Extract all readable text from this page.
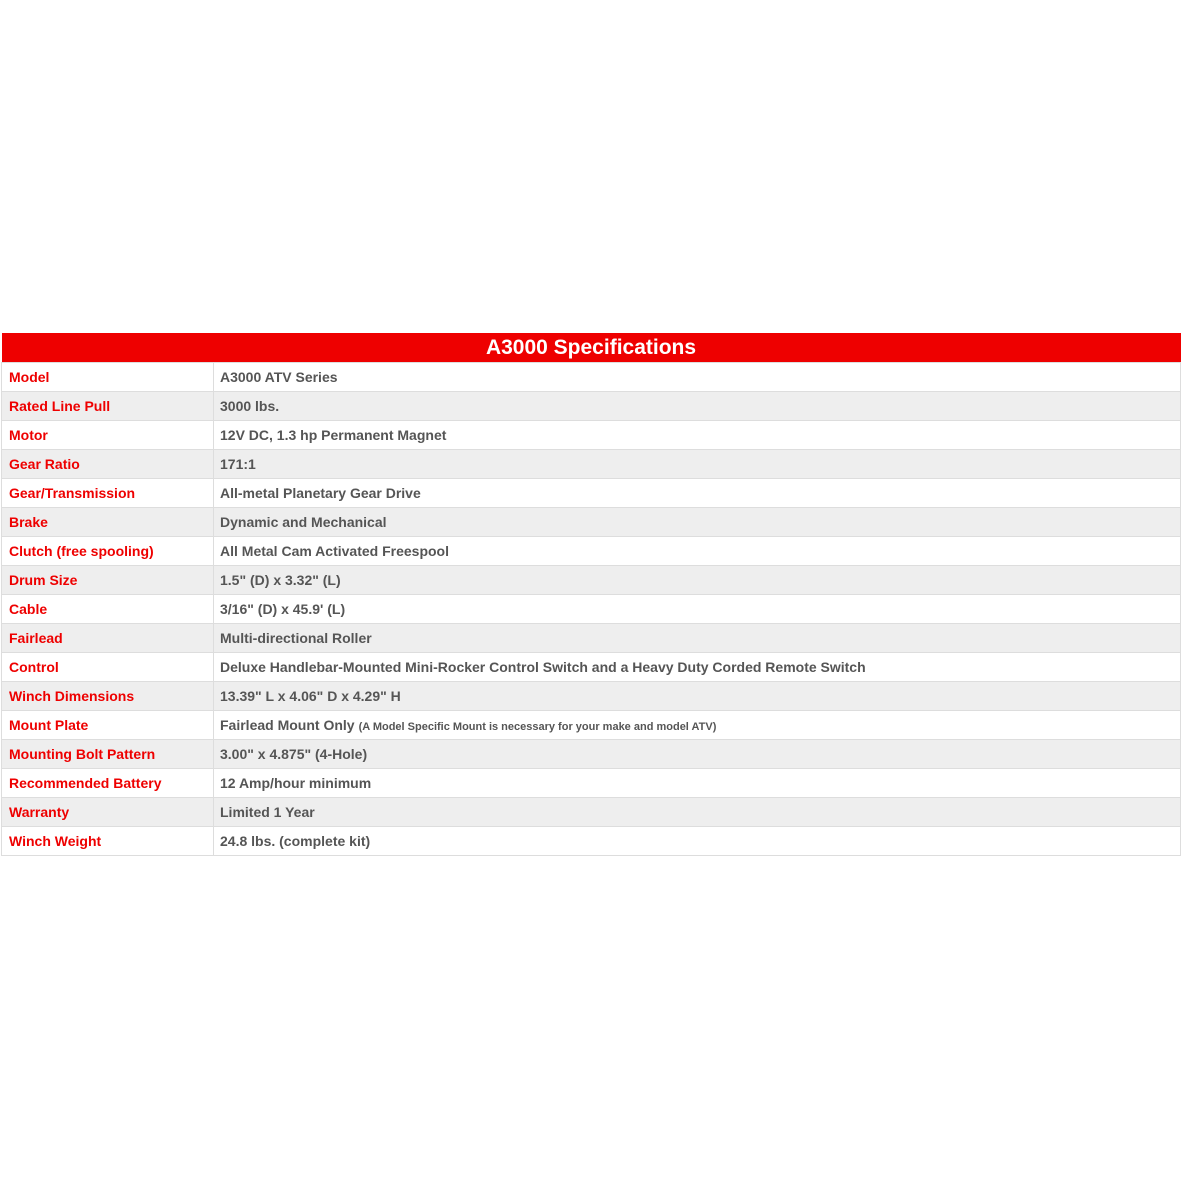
A3000 Specifications	
Model	A3000 ATV Series
Rated Line Pull	3000 lbs.
Motor	12V DC, 1.3 hp Permanent Magnet
Gear Ratio	171:1
Gear/Transmission	All-metal Planetary Gear Drive
Brake	Dynamic and Mechanical
Clutch (free spooling)	All Metal Cam Activated Freespool
Drum Size	1.5" (D) x 3.32" (L)
Cable	3/16" (D) x 45.9' (L)
Fairlead	Multi-directional Roller
Control	Deluxe Handlebar-Mounted Mini-Rocker Control Switch and a Heavy Duty Corded Remote Switch
Winch Dimensions	13.39" L x 4.06" D x 4.29" H
Mount Plate	Fairlead Mount Only (A Model Specific Mount is necessary for your make and model ATV)
Mounting Bolt Pattern	3.00" x 4.875" (4-Hole)
Recommended Battery	12 Amp/hour minimum
Warranty	Limited 1 Year
Winch Weight	24.8 lbs. (complete kit)
